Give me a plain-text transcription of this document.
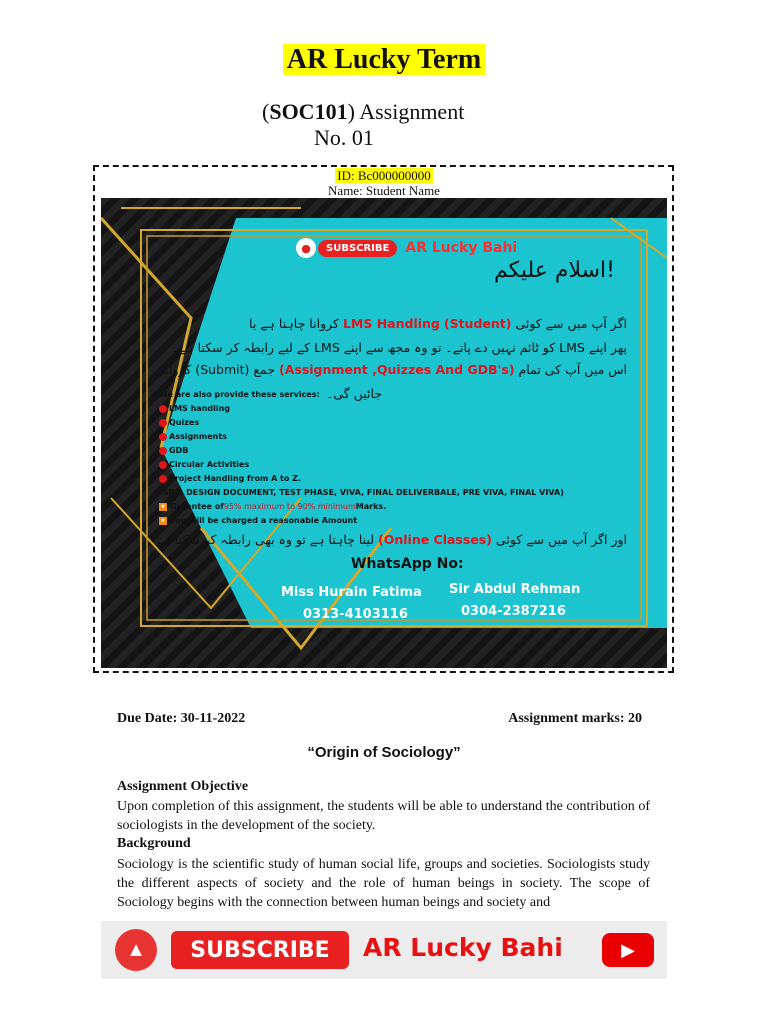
AR Lucky Term
(SOC101) Assignment
No. 01
ID: Bc000000000
Name: Student Name
●	SUBSCRIBE	AR Lucky Bahi
اسلام علیکم!
اگر آپ میں سے کوئی LMS Handling (Student) کروانا چاہتا ہے یا
پھر اپنے LMS کو ٹائم نہیں دے پاتے۔ تو وہ مجھ سے اپنے LMS کے لیے رابطہ کر سکتا ہے۔
اس میں آپ کی تمام (Assignment ,Quizzes And GDB's) جمع (Submit) کروائی
جائیں گی۔
We are also provide these services:
LMS handling
Quizes
Assignments
GDB
Circular Activities
Project Handling from A to Z.
(SRS, DESIGN DOCUMENT, TEST PHASE, VIVA, FINAL DELIVERBALE, PRE VIVA, FINAL VIVA)
★ Gurantee of 95% maximum to 90% minimum Marks.
★ You will be charged a reasonable Amount
اور اگر آپ میں سے کوئی (Online Classes) لینا چاہتا ہے تو وہ بھی رابطہ کر سکتا ہے
WhatsApp No:
Miss Hurain Fatima
0313-4103116
Sir Abdul Rehman
0304-2387216
Due Date: 30-11-2022	Assignment marks: 20
“Origin of Sociology”
Assignment Objective
Upon completion of this assignment, the students will be able to understand the contribution of sociologists in the development of the society.
Background
Sociology is the scientific study of human social life, groups and societies. Sociologists study the different aspects of society and the role of human beings in society. The scope of Sociology begins with the connection between human beings and society and
▲	SUBSCRIBE	AR Lucky Bahi	▶
